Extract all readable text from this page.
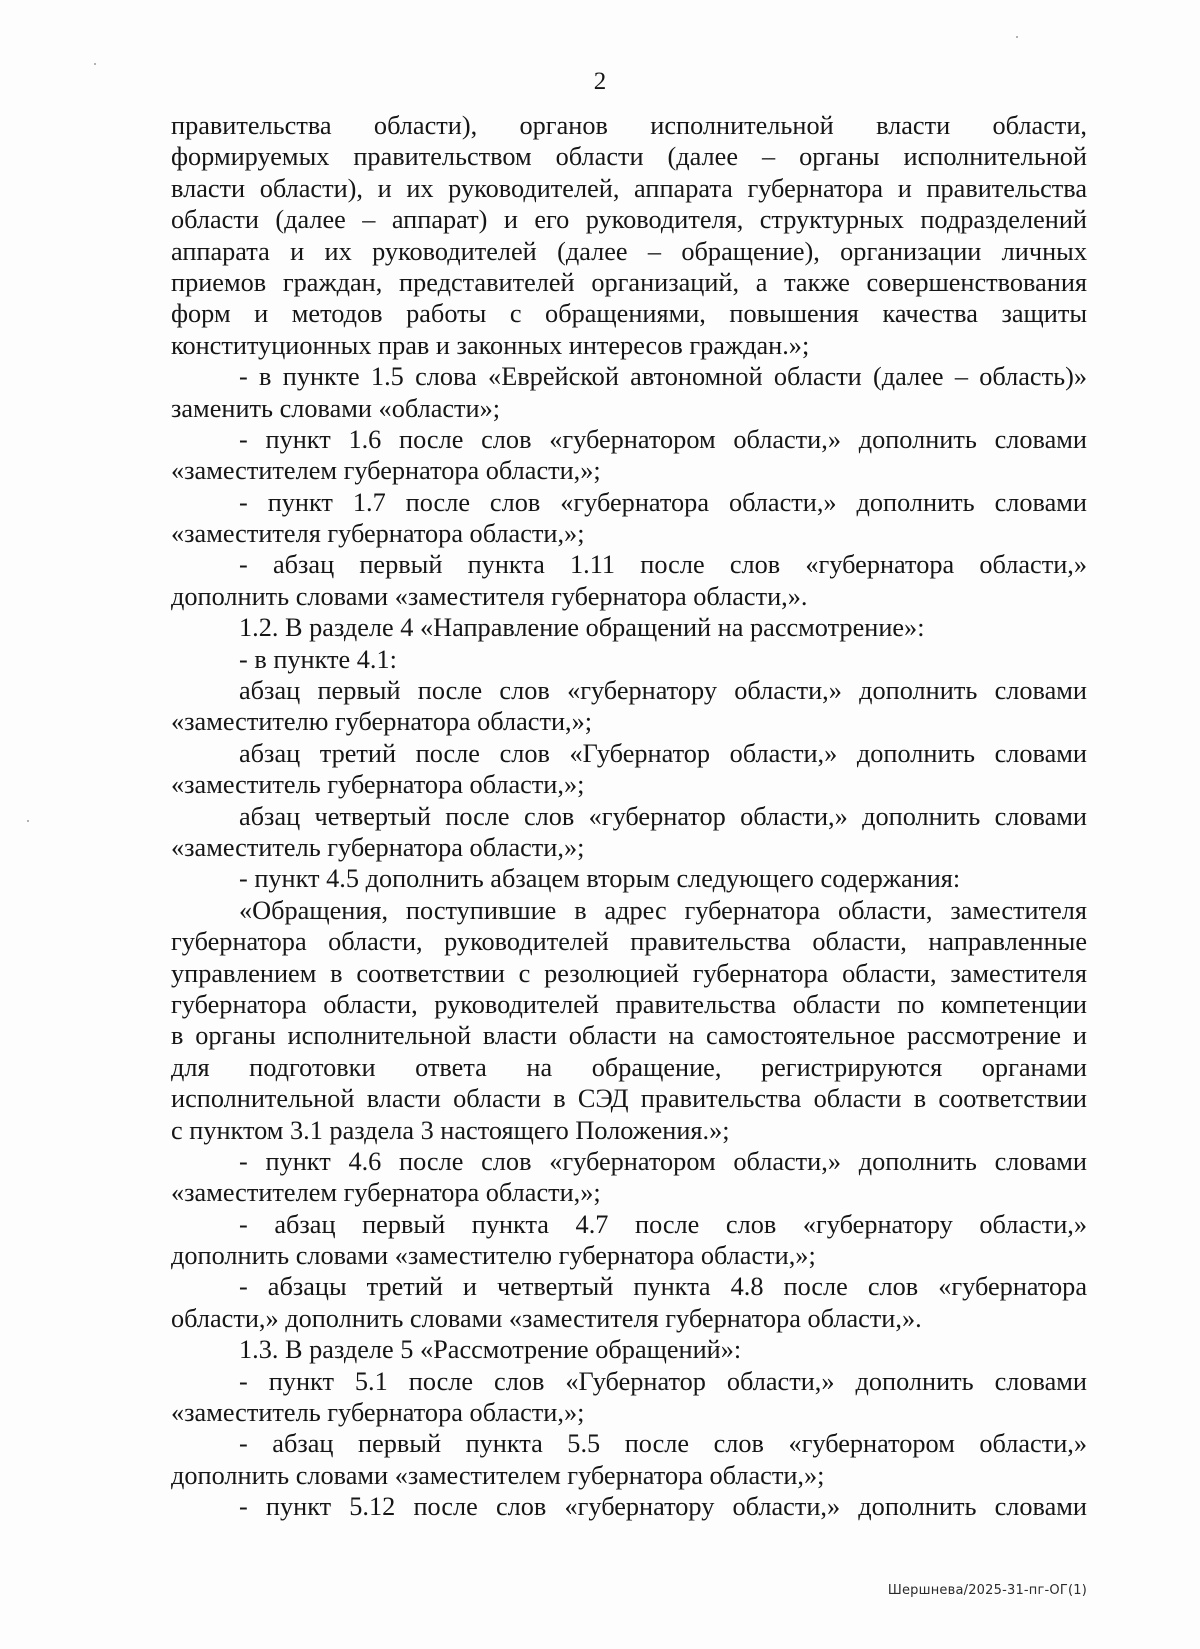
2
правительства области), органов исполнительной власти области,
формируемых правительством области (далее – органы исполнительной
власти области), и их руководителей, аппарата губернатора и правительства
области (далее – аппарат) и его руководителя, структурных подразделений
аппарата и их руководителей (далее – обращение), организации личных
приемов граждан, представителей организаций, а также совершенствования
форм и методов работы с обращениями, повышения качества защиты
конституционных прав и законных интересов граждан.»;
- в пункте 1.5 слова «Еврейской автономной области (далее – область)»
заменить словами «области»;
- пункт 1.6 после слов «губернатором области,» дополнить словами
«заместителем губернатора области,»;
- пункт 1.7 после слов «губернатора области,» дополнить словами
«заместителя губернатора области,»;
- абзац первый пункта 1.11 после слов «губернатора области,»
дополнить словами «заместителя губернатора области,».
1.2. В разделе 4 «Направление обращений на рассмотрение»:
- в пункте 4.1:
абзац первый после слов «губернатору области,» дополнить словами
«заместителю губернатора области,»;
абзац третий после слов «Губернатор области,» дополнить словами
«заместитель губернатора области,»;
абзац четвертый после слов «губернатор области,» дополнить словами
«заместитель губернатора области,»;
- пункт 4.5 дополнить абзацем вторым следующего содержания:
«Обращения, поступившие в адрес губернатора области, заместителя
губернатора области, руководителей правительства области, направленные
управлением в соответствии с резолюцией губернатора области, заместителя
губернатора области, руководителей правительства области по компетенции
в органы исполнительной власти области на самостоятельное рассмотрение и
для подготовки ответа на обращение, регистрируются органами
исполнительной власти области в СЭД правительства области в соответствии
с пунктом 3.1 раздела 3 настоящего Положения.»;
- пункт 4.6 после слов «губернатором области,» дополнить словами
«заместителем губернатора области,»;
- абзац первый пункта 4.7 после слов «губернатору области,»
дополнить словами «заместителю губернатора области,»;
- абзацы третий и четвертый пункта 4.8 после слов «губернатора
области,» дополнить словами «заместителя губернатора области,».
1.3. В разделе 5 «Рассмотрение обращений»:
- пункт 5.1 после слов «Губернатор области,» дополнить словами
«заместитель губернатора области,»;
- абзац первый пункта 5.5 после слов «губернатором области,»
дополнить словами «заместителем губернатора области,»;
- пункт 5.12 после слов «губернатору области,» дополнить словами
Шершнева/2025-31-пг-ОГ(1)
